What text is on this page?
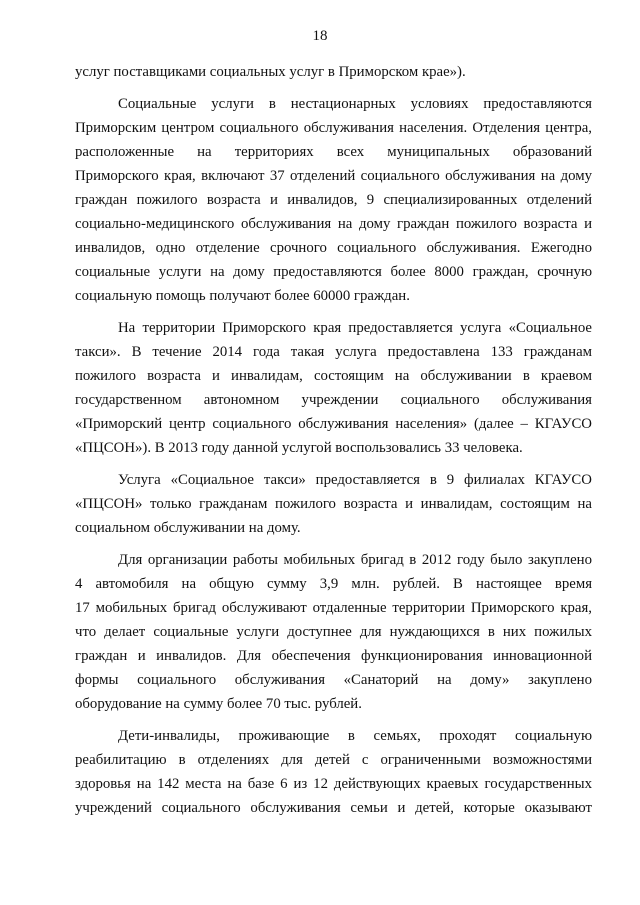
18
услуг поставщиками социальных услуг в Приморском крае»).
Социальные услуги в нестационарных условиях предоставляются
Приморским центром социального обслуживания населения. Отделения центра,
расположенные на территориях всех муниципальных образований
Приморского края, включают 37 отделений социального обслуживания на дому
граждан пожилого возраста и инвалидов, 9 специализированных отделений
социально-медицинского обслуживания на дому граждан пожилого возраста и
инвалидов, одно отделение срочного социального обслуживания. Ежегодно
социальные услуги на дому предоставляются более 8000 граждан, срочную
социальную помощь получают более 60000 граждан.
На территории Приморского края предоставляется услуга «Социальное
такси». В течение 2014 года такая услуга предоставлена 133 гражданам
пожилого возраста и инвалидам, состоящим на обслуживании в краевом
государственном автономном учреждении социального обслуживания
«Приморский центр социального обслуживания населения» (далее – КГАУСО
«ПЦСОН»). В 2013 году данной услугой воспользовались 33 человека.
Услуга «Социальное такси» предоставляется в 9 филиалах КГАУСО
«ПЦСОН» только гражданам пожилого возраста и инвалидам, состоящим на
социальном обслуживании на дому.
Для организации работы мобильных бригад в 2012 году было закуплено
4 автомобиля на общую сумму 3,9 млн. рублей. В настоящее время
17 мобильных бригад обслуживают отдаленные территории Приморского края,
что делает социальные услуги доступнее для нуждающихся в них пожилых
граждан и инвалидов. Для обеспечения функционирования инновационной
формы социального обслуживания «Санаторий на дому» закуплено
оборудование на сумму более 70 тыс. рублей.
Дети-инвалиды, проживающие в семьях, проходят социальную
реабилитацию в отделениях для детей с ограниченными возможностями
здоровья на 142 места на базе 6 из 12 действующих краевых государственных
учреждений социального обслуживания семьи и детей, которые оказывают
